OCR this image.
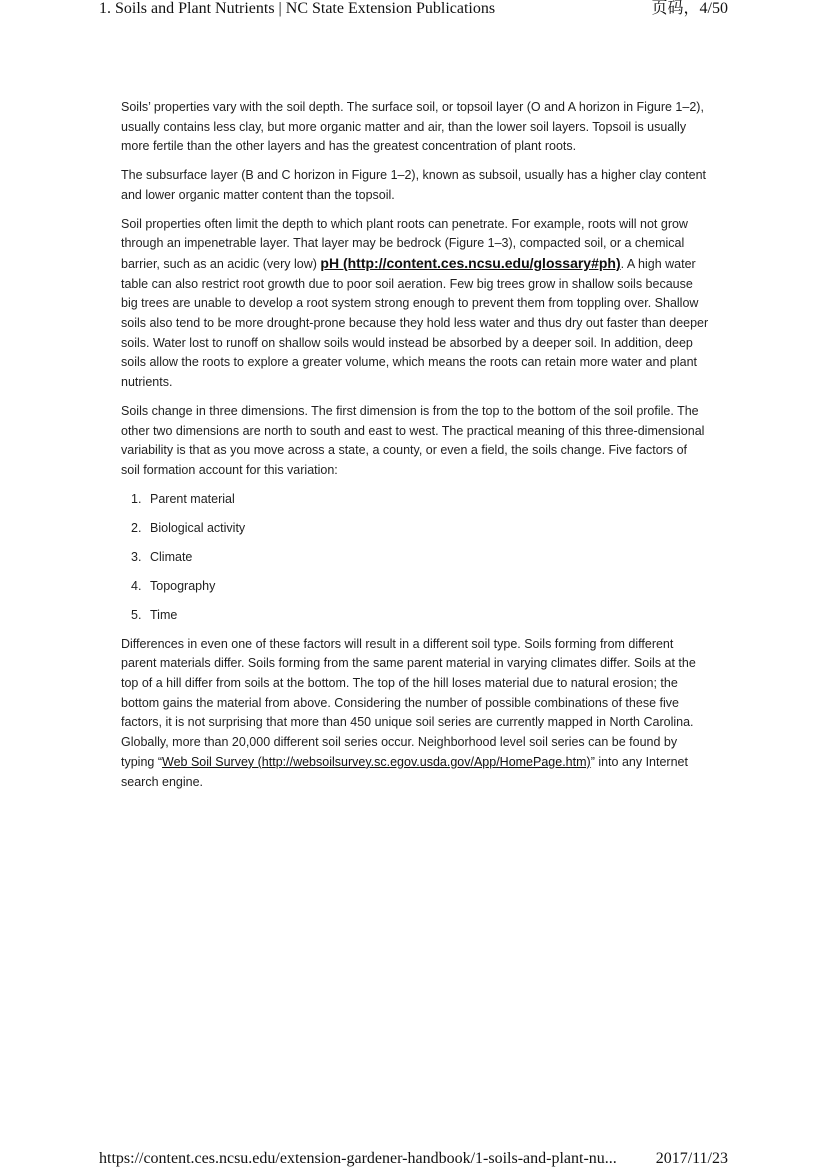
1. Soils and Plant Nutrients | NC State Extension Publications	页码，4/50

Soils’ properties vary with the soil depth. The surface soil, or topsoil layer (O and A horizon in Figure 1–2), usually contains less clay, but more organic matter and air, than the lower soil layers. Topsoil is usually more fertile than the other layers and has the greatest concentration of plant roots.

The subsurface layer (B and C horizon in Figure 1–2), known as subsoil, usually has a higher clay content and lower organic matter content than the topsoil.

Soil properties often limit the depth to which plant roots can penetrate. For example, roots will not grow through an impenetrable layer. That layer may be bedrock (Figure 1–3), compacted soil, or a chemical barrier, such as an acidic (very low) pH (http://content.ces.ncsu.edu/glossary#ph). A high water table can also restrict root growth due to poor soil aeration. Few big trees grow in shallow soils because big trees are unable to develop a root system strong enough to prevent them from toppling over. Shallow soils also tend to be more drought-prone because they hold less water and thus dry out faster than deeper soils. Water lost to runoff on shallow soils would instead be absorbed by a deeper soil. In addition, deep soils allow the roots to explore a greater volume, which means the roots can retain more water and plant nutrients.

Soils change in three dimensions. The first dimension is from the top to the bottom of the soil profile. The other two dimensions are north to south and east to west. The practical meaning of this three-dimensional variability is that as you move across a state, a county, or even a field, the soils change. Five factors of soil formation account for this variation:

1. Parent material
2. Biological activity
3. Climate
4. Topography
5. Time

Differences in even one of these factors will result in a different soil type. Soils forming from different parent materials differ. Soils forming from the same parent material in varying climates differ. Soils at the top of a hill differ from soils at the bottom. The top of the hill loses material due to natural erosion; the bottom gains the material from above. Considering the number of possible combinations of these five factors, it is not surprising that more than 450 unique soil series are currently mapped in North Carolina. Globally, more than 20,000 different soil series occur. Neighborhood level soil series can be found by typing “Web Soil Survey (http://websoilsurvey.sc.egov.usda.gov/App/HomePage.htm)” into any Internet search engine.

https://content.ces.ncsu.edu/extension-gardener-handbook/1-soils-and-plant-nu... 2017/11/23
